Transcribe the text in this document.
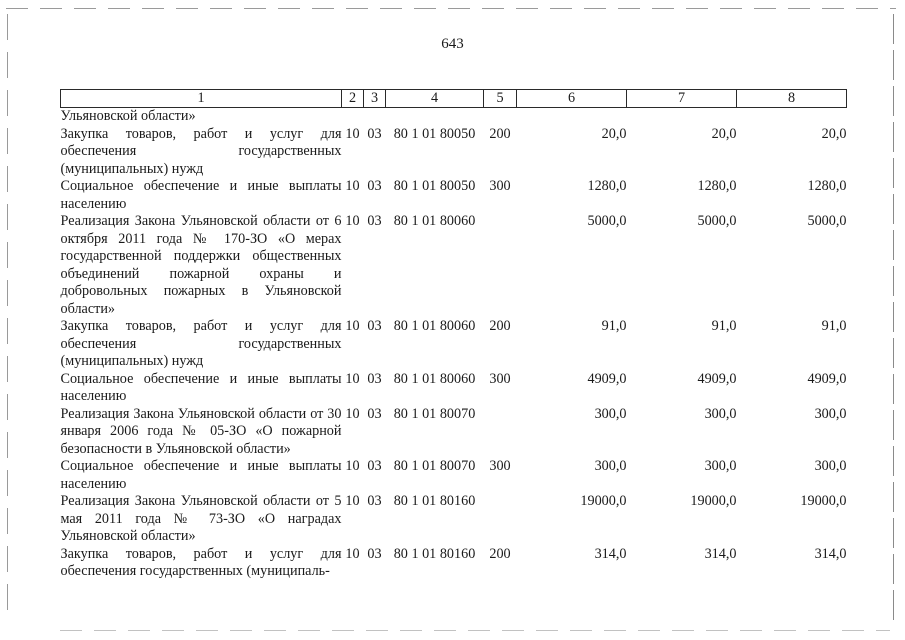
643
1	2	3	4	5	6	7	8
Ульяновской области»							
Закупка товаров, работ и услуг для обеспечения государственных (муниципальных) нужд	10	03	80 1 01 80050	200	20,0	20,0	20,0
Социальное обеспечение и иные выплаты населению	10	03	80 1 01 80050	300	1280,0	1280,0	1280,0
Реализация Закона Ульяновской области от 6 октября 2011 года № 170-ЗО «О мерах государственной поддержки общественных объединений пожарной охраны и добровольных пожарных в Ульяновской области»	10	03	80 1 01 80060		5000,0	5000,0	5000,0
Закупка товаров, работ и услуг для обеспечения государственных (муниципальных) нужд	10	03	80 1 01 80060	200	91,0	91,0	91,0
Социальное обеспечение и иные выплаты населению	10	03	80 1 01 80060	300	4909,0	4909,0	4909,0
Реализация Закона Ульяновской области от 30 января 2006 года № 05-ЗО «О пожарной безопасности в Ульяновской области»	10	03	80 1 01 80070		300,0	300,0	300,0
Социальное обеспечение и иные выплаты населению	10	03	80 1 01 80070	300	300,0	300,0	300,0
Реализация Закона Ульяновской области от 5 мая 2011 года № 73-ЗО «О наградах Ульяновской области»	10	03	80 1 01 80160		19000,0	19000,0	19000,0
Закупка товаров, работ и услуг для обеспечения государственных (муниципаль-	10	03	80 1 01 80160	200	314,0	314,0	314,0
